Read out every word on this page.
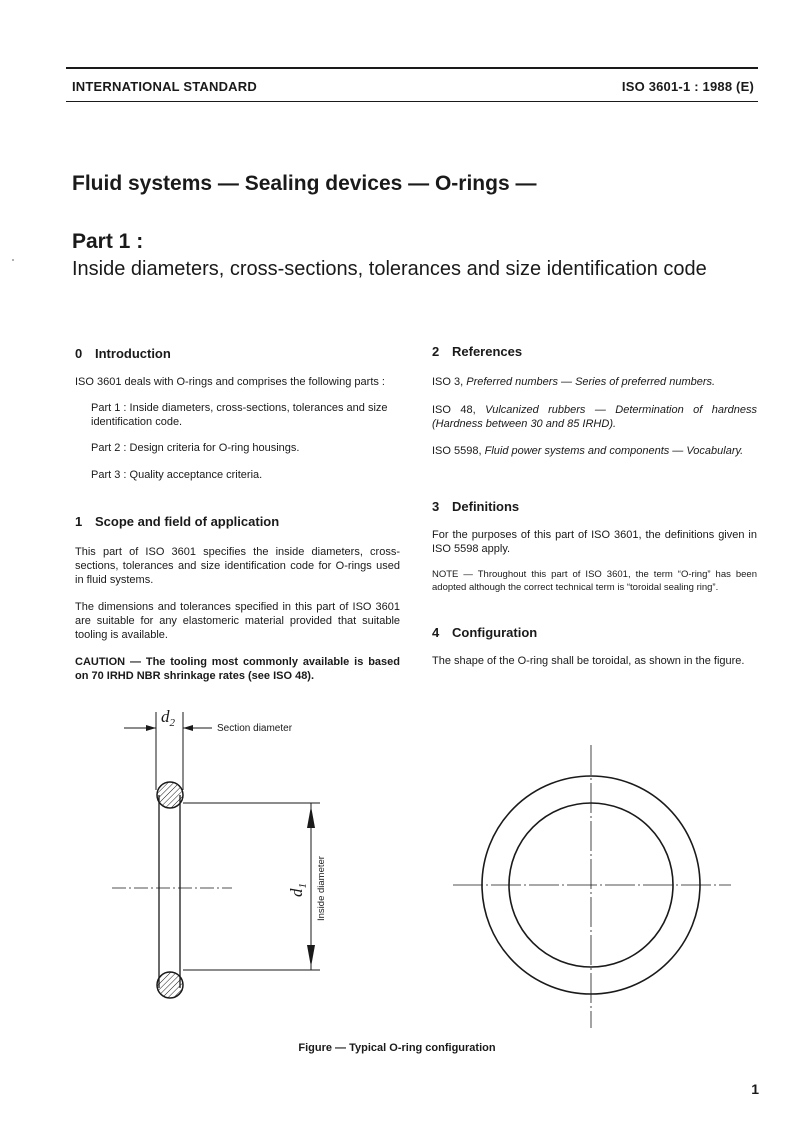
INTERNATIONAL STANDARD	ISO 3601-1 : 1988 (E)
Fluid systems — Sealing devices — O-rings —
Part 1 :
Inside diameters, cross-sections, tolerances and size identification code
0 Introduction
ISO 3601 deals with O-rings and comprises the following parts :
Part 1 : Inside diameters, cross-sections, tolerances and size identification code.
Part 2 : Design criteria for O-ring housings.
Part 3 : Quality acceptance criteria.
1 Scope and field of application
This part of ISO 3601 specifies the inside diameters, cross-sections, tolerances and size identification code for O-rings used in fluid systems.
The dimensions and tolerances specified in this part of ISO 3601 are suitable for any elastomeric material provided that suitable tooling is available.
CAUTION — The tooling most commonly available is based on 70 IRHD NBR shrinkage rates (see ISO 48).
2 References
ISO 3, Preferred numbers — Series of preferred numbers.
ISO 48, Vulcanized rubbers — Determination of hardness (Hardness between 30 and 85 IRHD).
ISO 5598, Fluid power systems and components — Vocabulary.
3 Definitions
For the purposes of this part of ISO 3601, the definitions given in ISO 5598 apply.
NOTE — Throughout this part of ISO 3601, the term “O-ring” has been adopted although the correct technical term is “toroidal sealing ring”.
4 Configuration
The shape of the O-ring shall be toroidal, as shown in the figure.
$d_2$	Section diameter
$d_1$ Inside diameter
Figure — Typical O-ring configuration
1
